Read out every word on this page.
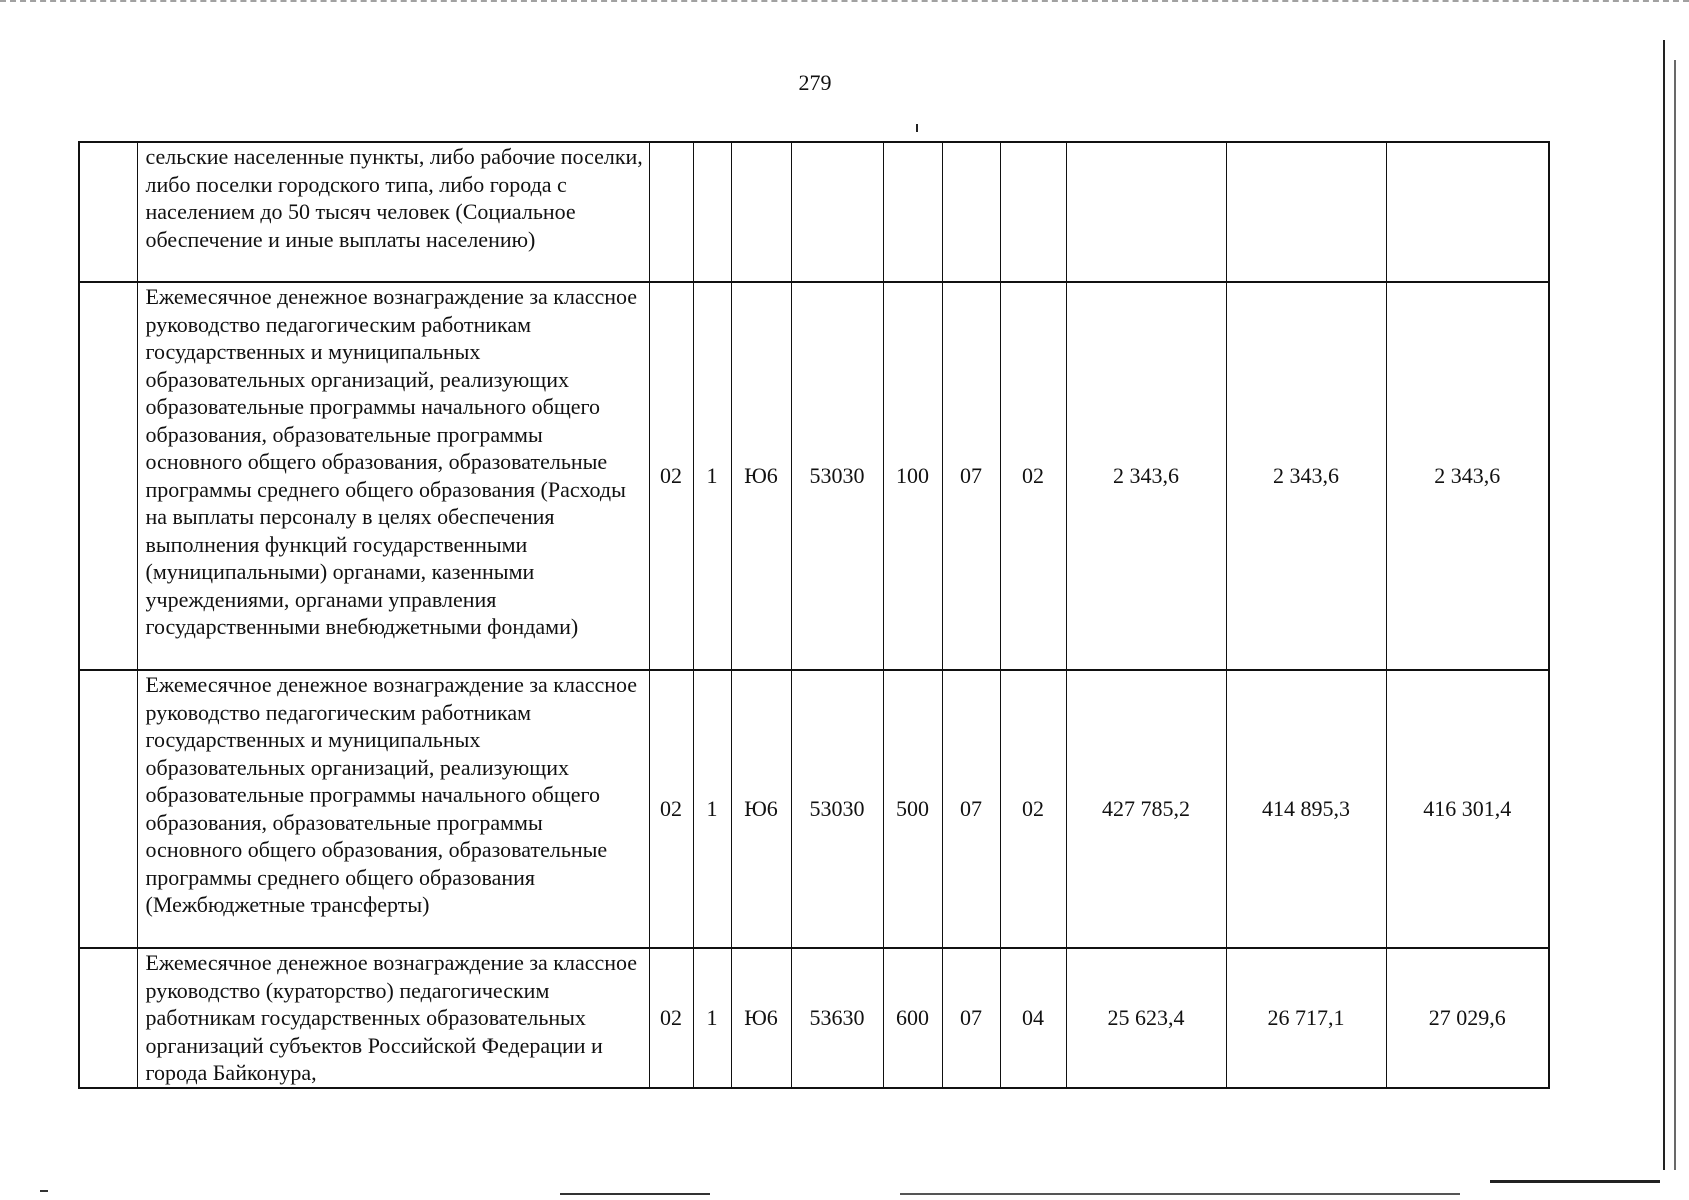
279
	сельские населенные пункты, либо рабочие поселки, либо поселки городского типа, либо города с населением до 50 тысяч человек (Социальное обеспечение и иные выплаты населению)										
	Ежемесячное денежное вознаграждение за классное руководство педагогическим работникам государственных и муниципальных образовательных организаций, реализующих образовательные программы начального общего образования, образовательные программы основного общего образования, образовательные программы среднего общего образования (Расходы на выплаты персоналу в целях обеспечения выполнения функций государственными (муниципальными) органами, казенными учреждениями, органами управления государственными внебюджетными фондами)	02	1	Ю6	53030	100	07	02	2 343,6	2 343,6	2 343,6
	Ежемесячное денежное вознаграждение за классное руководство педагогическим работникам государственных и муниципальных образовательных организаций, реализующих образовательные программы начального общего образования, образовательные программы основного общего образования, образовательные программы среднего общего образования (Межбюджетные трансферты)	02	1	Ю6	53030	500	07	02	427 785,2	414 895,3	416 301,4
	Ежемесячное денежное вознаграждение за классное руководство (кураторство) педагогическим работникам государственных образовательных организаций субъектов Российской Федерации и города Байконура,	02	1	Ю6	53630	600	07	04	25 623,4	26 717,1	27 029,6
